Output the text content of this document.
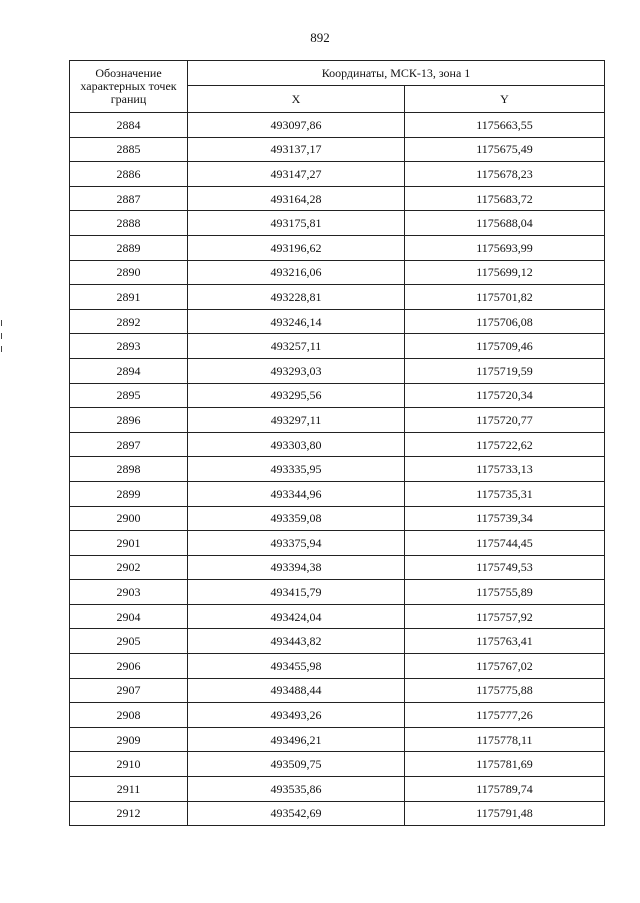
892
Обозначение характерных точек границ	Координаты, МСК-13, зона 1	
	X	Y
2884	493097,86	1175663,55
2885	493137,17	1175675,49
2886	493147,27	1175678,23
2887	493164,28	1175683,72
2888	493175,81	1175688,04
2889	493196,62	1175693,99
2890	493216,06	1175699,12
2891	493228,81	1175701,82
2892	493246,14	1175706,08
2893	493257,11	1175709,46
2894	493293,03	1175719,59
2895	493295,56	1175720,34
2896	493297,11	1175720,77
2897	493303,80	1175722,62
2898	493335,95	1175733,13
2899	493344,96	1175735,31
2900	493359,08	1175739,34
2901	493375,94	1175744,45
2902	493394,38	1175749,53
2903	493415,79	1175755,89
2904	493424,04	1175757,92
2905	493443,82	1175763,41
2906	493455,98	1175767,02
2907	493488,44	1175775,88
2908	493493,26	1175777,26
2909	493496,21	1175778,11
2910	493509,75	1175781,69
2911	493535,86	1175789,74
2912	493542,69	1175791,48
